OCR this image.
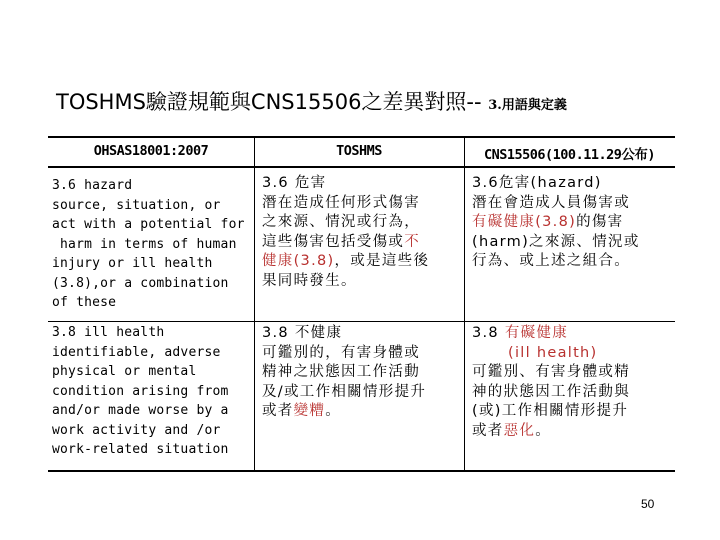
TOSHMS驗證規範與CNS15506之差異對照-- 3.用語與定義
OHSAS18001:2007	TOSHMS	CNS15506(100.11.29公布)
3.6 hazard
source, situation, or
act with a potential for
harm in terms of human
injury or ill health
(3.8),or a combination
of these
3.6 危害
潛在造成任何形式傷害
之來源、情況或行為，
這些傷害包括受傷或不
健康(3.8)，或是這些後
果同時發生。
3.6危害(hazard)
潛在會造成人員傷害或
有礙健康(3.8)的傷害
(harm)之來源、情況或
行為、或上述之組合。
3.8 ill health
identifiable, adverse
physical or mental
condition arising from
and/or made worse by a
work activity and /or
work-related situation
3.8 不健康
可鑑別的，有害身體或
精神之狀態因工作活動
及/或工作相關情形提升
或者變糟。
3.8 有礙健康
(ill health)
可鑑別、有害身體或精
神的狀態因工作活動與
(或)工作相關情形提升
或者惡化。
50
